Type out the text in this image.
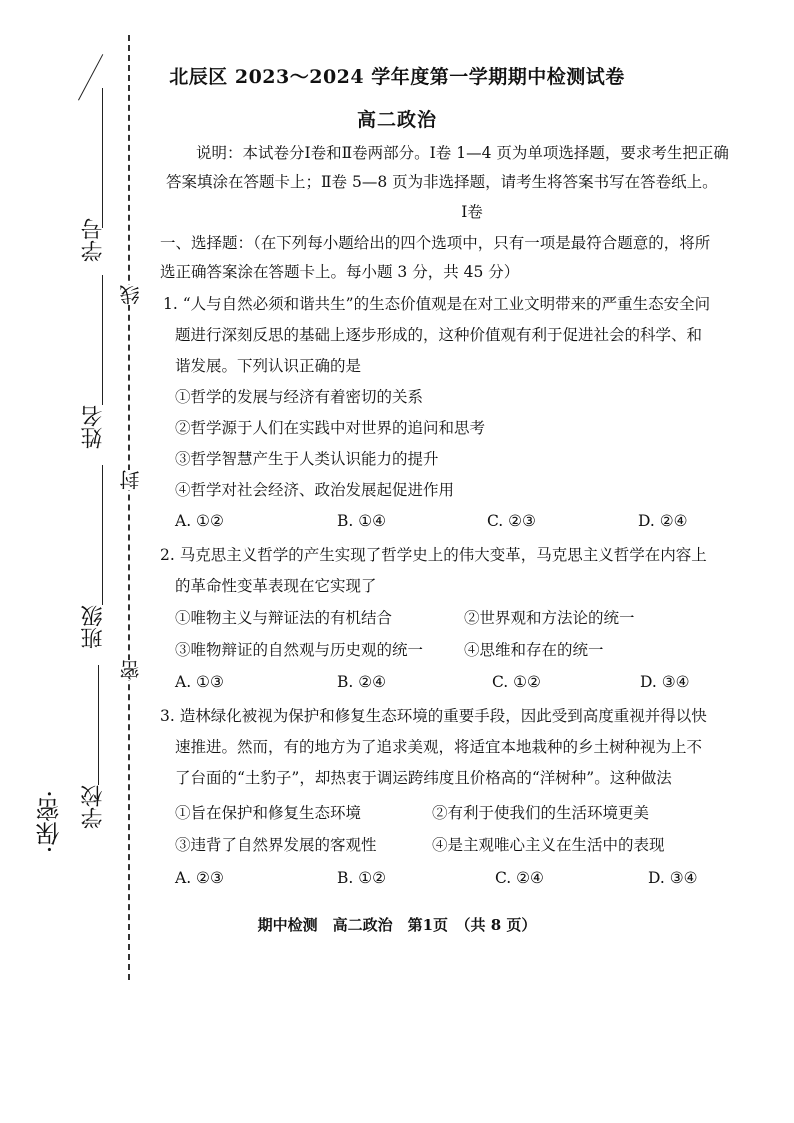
学号
姓名
班级
学校
线
封
密
·保密·
北辰区 2023～2024 学年度第一学期期中检测试卷
高二政治
说明：本试卷分Ⅰ卷和Ⅱ卷两部分。Ⅰ卷 1—4 页为单项选择题，要求考生把正确
答案填涂在答题卡上；Ⅱ卷 5—8 页为非选择题，请考生将答案书写在答卷纸上。
Ⅰ卷
一、选择题：（在下列每小题给出的四个选项中，只有一项是最符合题意的，将所
选正确答案涂在答题卡上。每小题 3 分，共 45 分）
1. “人与自然必须和谐共生”的生态价值观是在对工业文明带来的严重生态安全问
题进行深刻反思的基础上逐步形成的，这种价值观有利于促进社会的科学、和
谐发展。下列认识正确的是
①哲学的发展与经济有着密切的关系
②哲学源于人们在实践中对世界的追问和思考
③哲学智慧产生于人类认识能力的提升
④哲学对社会经济、政治发展起促进作用
A. ①②	B. ①④	C. ②③	D. ②④
2. 马克思主义哲学的产生实现了哲学史上的伟大变革，马克思主义哲学在内容上
的革命性变革表现在它实现了
①唯物主义与辩证法的有机结合	②世界观和方法论的统一
③唯物辩证的自然观与历史观的统一	④思维和存在的统一
A. ①③	B. ②④	C. ①②	D. ③④
3. 造林绿化被视为保护和修复生态环境的重要手段，因此受到高度重视并得以快
速推进。然而，有的地方为了追求美观，将适宜本地栽种的乡土树种视为上不
了台面的“土豹子”，却热衷于调运跨纬度且价格高的“洋树种”。这种做法
①旨在保护和修复生态环境	②有利于使我们的生活环境更美
③违背了自然界发展的客观性	④是主观唯心主义在生活中的表现
A. ②③	B. ①②	C. ②④	D. ③④
期中检测　高二政治　第1页　（共 8 页）
